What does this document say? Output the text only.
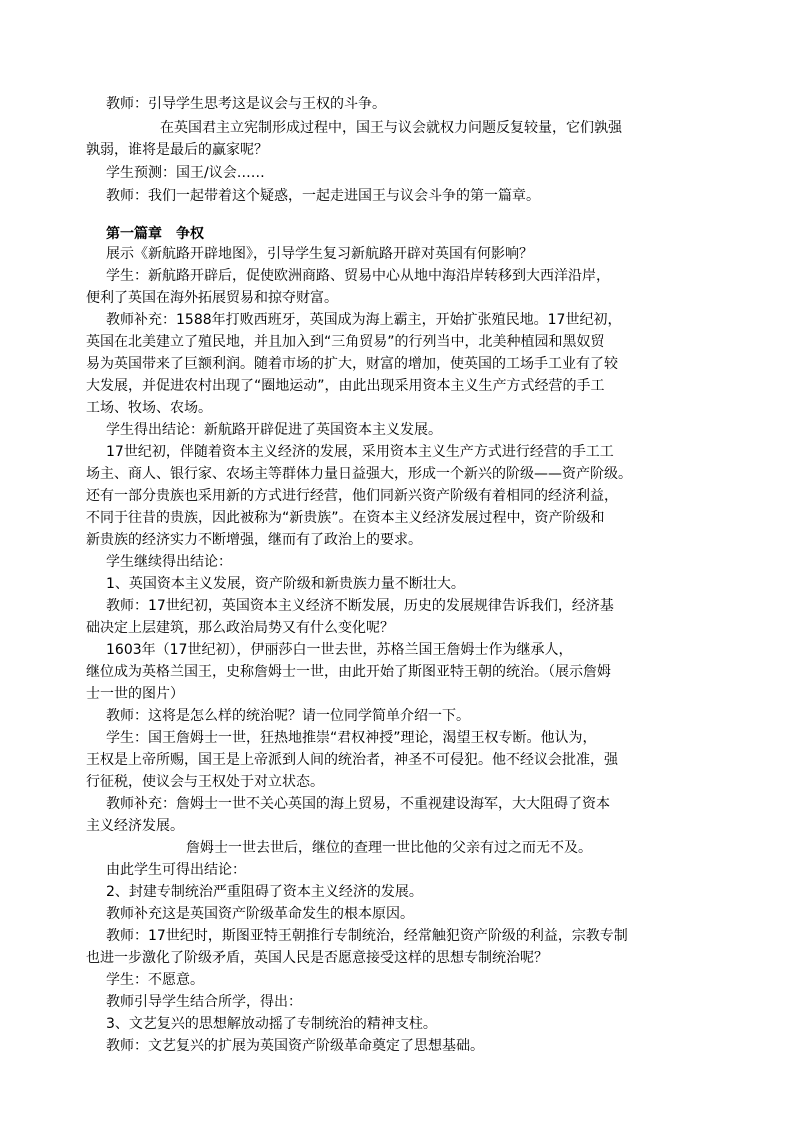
教师：引导学生思考这是议会与王权的斗争。
在英国君主立宪制形成过程中，国王与议会就权力问题反复较量，它们孰强
孰弱，谁将是最后的赢家呢？
学生预测：国王/议会……
教师：我们一起带着这个疑惑，一起走进国王与议会斗争的第一篇章。
第一篇章　争权
展示《新航路开辟地图》，引导学生复习新航路开辟对英国有何影响？
学生：新航路开辟后，促使欧洲商路、贸易中心从地中海沿岸转移到大西洋沿岸，
便利了英国在海外拓展贸易和掠夺财富。
教师补充：1588年打败西班牙，英国成为海上霸主，开始扩张殖民地。17世纪初，
英国在北美建立了殖民地，并且加入到“三角贸易”的行列当中，北美种植园和黑奴贸
易为英国带来了巨额利润。随着市场的扩大，财富的增加，使英国的工场手工业有了较
大发展，并促进农村出现了“圈地运动”，由此出现采用资本主义生产方式经营的手工
工场、牧场、农场。
学生得出结论：新航路开辟促进了英国资本主义发展。
17世纪初，伴随着资本主义经济的发展，采用资本主义生产方式进行经营的手工工
场主、商人、银行家、农场主等群体力量日益强大，形成一个新兴的阶级——资产阶级。
还有一部分贵族也采用新的方式进行经营，他们同新兴资产阶级有着相同的经济利益，
不同于往昔的贵族，因此被称为“新贵族”。在资本主义经济发展过程中，资产阶级和
新贵族的经济实力不断增强，继而有了政治上的要求。
学生继续得出结论：
1、英国资本主义发展，资产阶级和新贵族力量不断壮大。
教师：17世纪初，英国资本主义经济不断发展，历史的发展规律告诉我们，经济基
础决定上层建筑，那么政治局势又有什么变化呢？
1603年（17世纪初），伊丽莎白一世去世，苏格兰国王詹姆士作为继承人，
继位成为英格兰国王，史称詹姆士一世，由此开始了斯图亚特王朝的统治。（展示詹姆
士一世的图片）
教师：这将是怎么样的统治呢？请一位同学简单介绍一下。
学生：国王詹姆士一世，狂热地推崇“君权神授”理论，渴望王权专断。他认为，
王权是上帝所赐，国王是上帝派到人间的统治者，神圣不可侵犯。他不经议会批准，强
行征税，使议会与王权处于对立状态。
教师补充：詹姆士一世不关心英国的海上贸易，不重视建设海军，大大阻碍了资本
主义经济发展。
詹姆士一世去世后，继位的查理一世比他的父亲有过之而无不及。
由此学生可得出结论：
2、封建专制统治严重阻碍了资本主义经济的发展。
教师补充这是英国资产阶级革命发生的根本原因。
教师：17世纪时，斯图亚特王朝推行专制统治，经常触犯资产阶级的利益，宗教专制
也进一步激化了阶级矛盾，英国人民是否愿意接受这样的思想专制统治呢？
学生：不愿意。
教师引导学生结合所学，得出：
3、文艺复兴的思想解放动摇了专制统治的精神支柱。
教师：文艺复兴的扩展为英国资产阶级革命奠定了思想基础。
